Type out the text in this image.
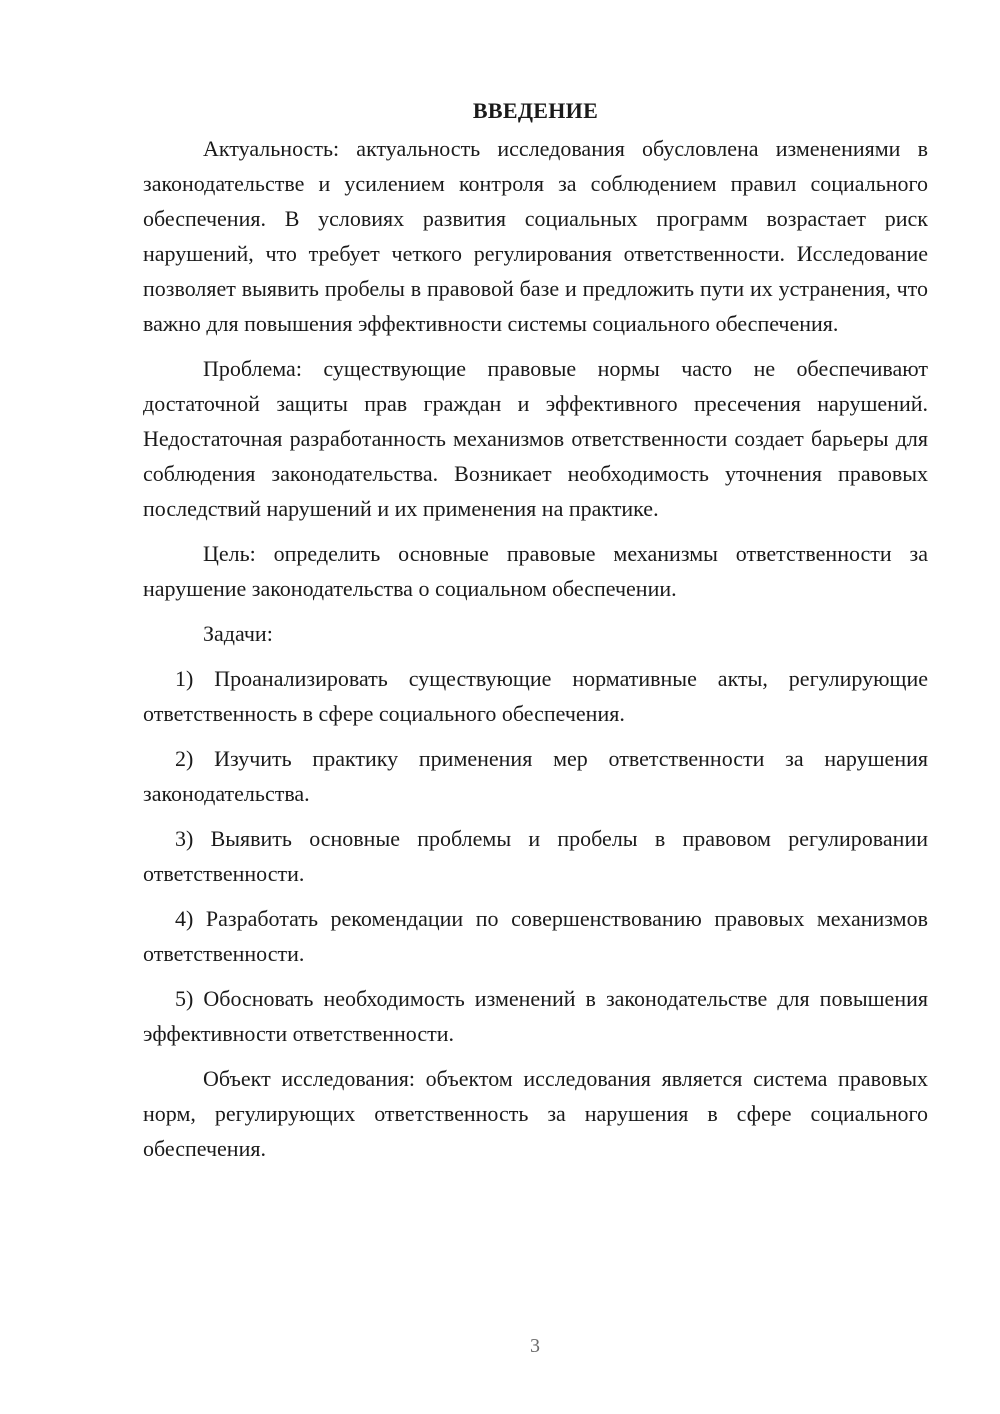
ВВЕДЕНИЕ

Актуальность: актуальность исследования обусловлена изменениями в законодательстве и усилением контроля за соблюдением правил социального обеспечения. В условиях развития социальных программ возрастает риск нарушений, что требует четкого регулирования ответственности. Исследование позволяет выявить пробелы в правовой базе и предложить пути их устранения, что важно для повышения эффективности системы социального обеспечения.

Проблема: существующие правовые нормы часто не обеспечивают достаточной защиты прав граждан и эффективного пресечения нарушений. Недостаточная разработанность механизмов ответственности создает барьеры для соблюдения законодательства. Возникает необходимость уточнения правовых последствий нарушений и их применения на практике.

Цель: определить основные правовые механизмы ответственности за нарушение законодательства о социальном обеспечении.

Задачи:

1) Проанализировать существующие нормативные акты, регулирующие ответственность в сфере социального обеспечения.

2) Изучить практику применения мер ответственности за нарушения законодательства.

3) Выявить основные проблемы и пробелы в правовом регулировании ответственности.

4) Разработать рекомендации по совершенствованию правовых механизмов ответственности.

5) Обосновать необходимость изменений в законодательстве для повышения эффективности ответственности.

Объект исследования: объектом исследования является система правовых норм, регулирующих ответственность за нарушения в сфере социального обеспечения.

3
